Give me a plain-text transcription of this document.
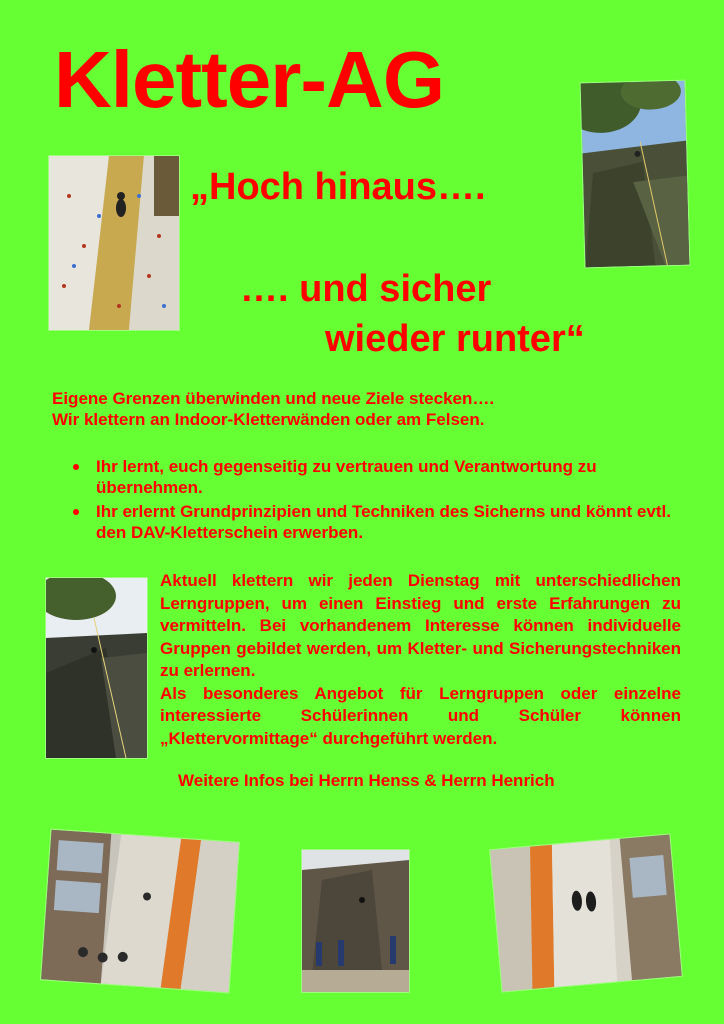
Kletter-AG
„Hoch hinaus….
…. und sicher
wieder runter“
Eigene Grenzen überwinden und neue Ziele stecken….
Wir klettern an Indoor-Kletterwänden oder am Felsen.
Ihr lernt, euch gegenseitig zu vertrauen und Verantwortung zu übernehmen.
Ihr erlernt Grundprinzipien und Techniken des Sicherns und könnt evtl. den DAV-Kletterschein erwerben.

Aktuell klettern wir jeden Dienstag mit unterschiedlichen Lerngruppen, um einen Einstieg und erste Erfahrungen zu vermitteln. Bei vorhandenem Interesse können individuelle Gruppen gebildet werden, um Kletter- und Sicherungstechniken zu erlernen.

Als besonderes Angebot für Lerngruppen oder einzelne interessierte Schülerinnen und Schüler können „Klettervormittage“ durchgeführt werden.

Weitere Infos bei Herrn Henss & Herrn Henrich
